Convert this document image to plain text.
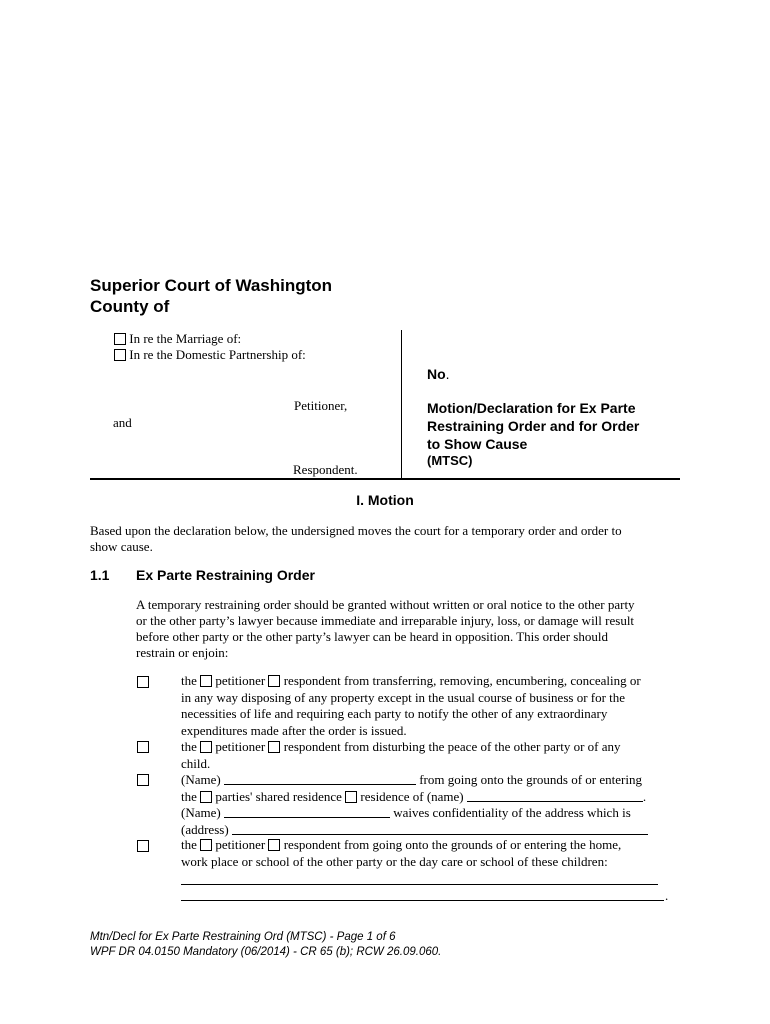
Superior Court of Washington
County of
In re the Marriage of:
In re the Domestic Partnership of:
Petitioner,
and
Respondent.
No.
Motion/Declaration for Ex Parte
Restraining Order and for Order
to Show Cause
(MTSC)
I. Motion
Based upon the declaration below, the undersigned moves the court for a temporary order and order to
show cause.
1.1 Ex Parte Restraining Order
A temporary restraining order should be granted without written or oral notice to the other party
or the other party’s lawyer because immediate and irreparable injury, loss, or damage will result
before other party or the other party’s lawyer can be heard in opposition. This order should
restrain or enjoin:
the petitioner respondent from transferring, removing, encumbering, concealing or
in any way disposing of any property except in the usual course of business or for the
necessities of life and requiring each party to notify the other of any extraordinary
expenditures made after the order is issued.
the petitioner respondent from disturbing the peace of the other party or of any
child.
(Name)	from going onto the grounds of or entering
the parties' shared residence residence of (name)	.
(Name)	waives confidentiality of the address which is
(address)
the petitioner respondent from going onto the grounds of or entering the home,
work place or school of the other party or the day care or school of these children:
.
Mtn/Decl for Ex Parte Restraining Ord (MTSC) - Page 1 of 6
WPF DR 04.0150 Mandatory (06/2014) - CR 65 (b); RCW 26.09.060.
